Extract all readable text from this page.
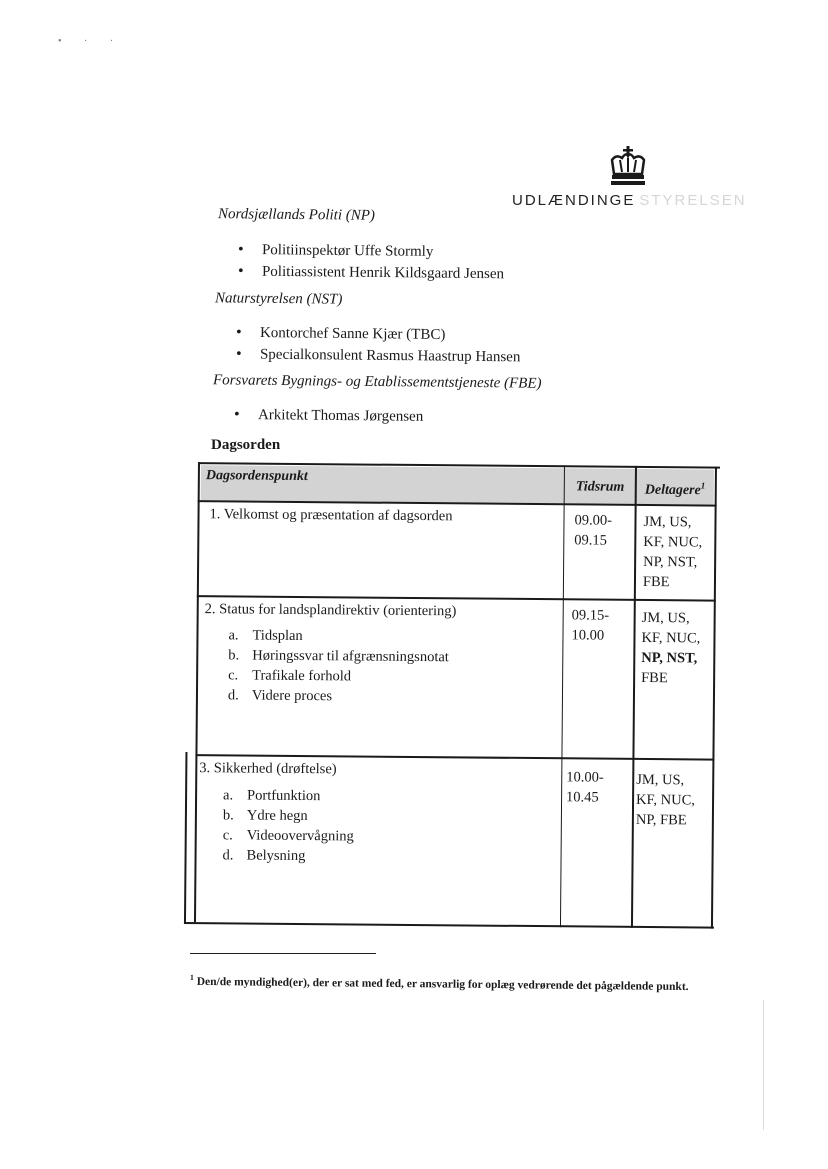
• · ·
UDLÆNDINGE STYRELSEN
Nordsjællands Politi (NP)
• Politiinspektør Uffe Stormly
• Politiassistent Henrik Kildsgaard Jensen
Naturstyrelsen (NST)
• Kontorchef Sanne Kjær (TBC)
• Specialkonsulent Rasmus Haastrup Hansen
Forsvarets Bygnings- og Etablissementstjeneste (FBE)
• Arkitekt Thomas Jørgensen
Dagsorden
Dagsordenspunkt
Tidsrum Deltagere$^1$
1. Velkomst og præsentation af dagsorden	09.00-
09.15
JM, US,
KF, NUC,
NP, NST,
FBE
2. Status for landsplandirektiv (orientering)
a. Tidsplan
b. Høringssvar til afgrænsningsnotat
c. Trafikale forhold
d. Videre proces
09.15-
10.00
JM, US,
KF, NUC,
NP, NST,
FBE
3. Sikkerhed (drøftelse)
a. Portfunktion
b. Ydre hegn
c. Videoovervågning
d. Belysning
10.00-
10.45
JM, US,
KF, NUC,
NP, FBE
$^1$ Den/de myndighed(er), der er sat med fed, er ansvarlig for oplæg vedrørende det pågældende punkt.
